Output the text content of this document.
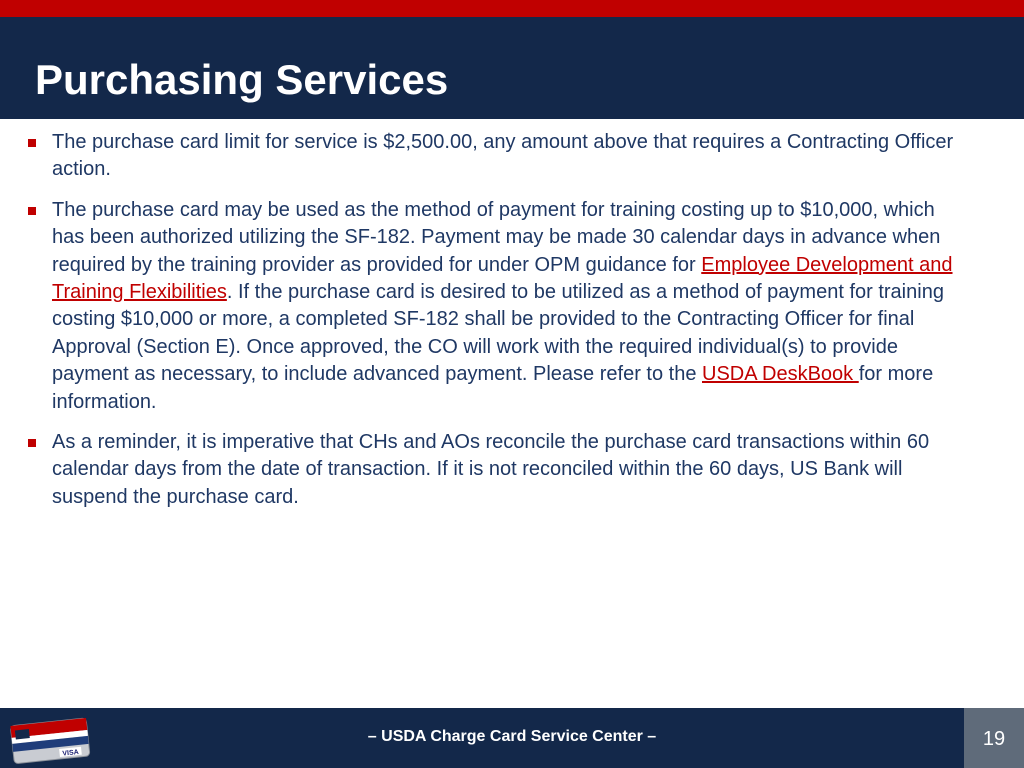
Purchasing Services

The purchase card limit for service is $2,500.00, any amount above that requires a Contracting Officer action.

The purchase card may be used as the method of payment for training costing up to $10,000, which has been authorized utilizing the SF-182. Payment may be made 30 calendar days in advance when required by the training provider as provided for under OPM guidance for Employee Development and Training Flexibilities. If the purchase card is desired to be utilized as a method of payment for training costing $10,000 or more, a completed SF-182 shall be provided to the Contracting Officer for final Approval (Section E). Once approved, the CO will work with the required individual(s) to provide payment as necessary, to include advanced payment. Please refer to the USDA DeskBook for more information.

As a reminder, it is imperative that CHs and AOs reconcile the purchase card transactions within 60 calendar days from the date of transaction. If it is not reconciled within the 60 days, US Bank will suspend the purchase card.

VISA
– USDA Charge Card Service Center –	19
